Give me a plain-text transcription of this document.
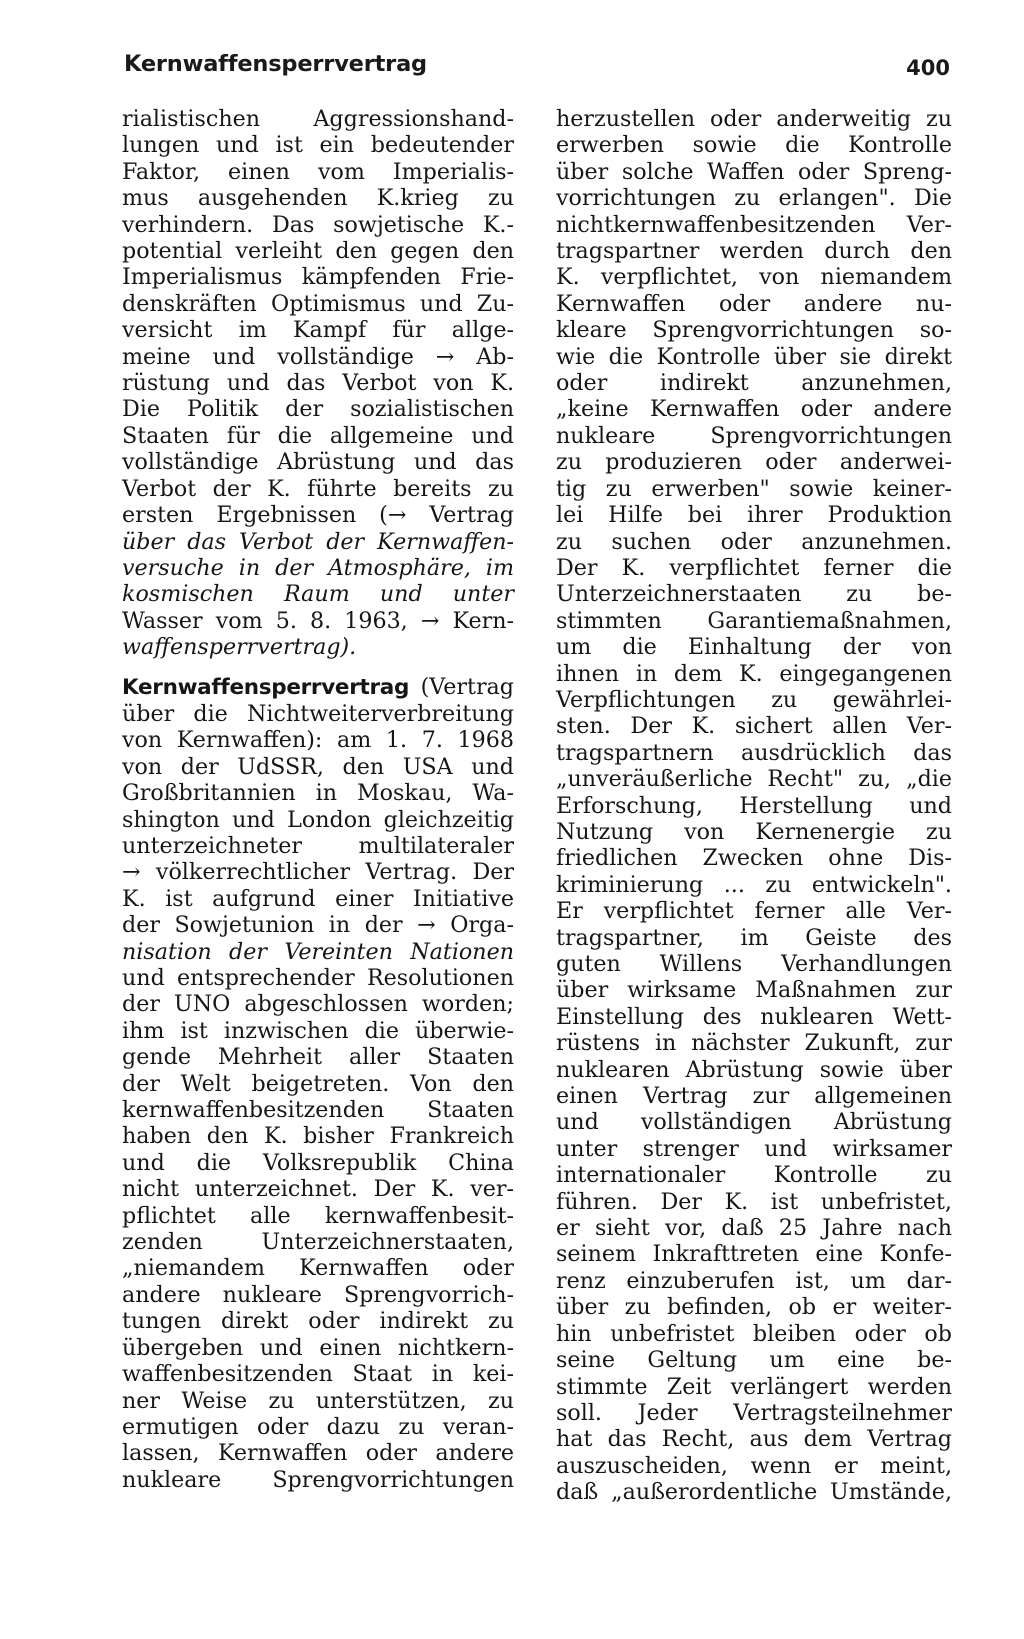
Kernwaffensperrvertrag	400

rialistischen Aggressionshand-

lungen und ist ein bedeutender

Faktor, einen vom Imperialis-

mus ausgehenden K.krieg zu

verhindern. Das sowjetische K.-

potential verleiht den gegen den

Imperialismus kämpfenden Frie-

denskräften Optimismus und Zu-

versicht im Kampf für allge-

meine und vollständige → Ab-

rüstung und das Verbot von K.

Die Politik der sozialistischen

Staaten für die allgemeine und

vollständige Abrüstung und das

Verbot der K. führte bereits zu

ersten Ergebnissen (→ Vertrag

über das Verbot der Kernwaffen-

versuche in der Atmosphäre, im

kosmischen Raum und unter

Wasser vom 5. 8. 1963, → Kern-

waffensperrvertrag).

Kernwaffensperrvertrag (Vertrag

über die Nichtweiterverbreitung

von Kernwaffen): am 1. 7. 1968

von der UdSSR, den USA und

Großbritannien in Moskau, Wa-

shington und London gleichzeitig

unterzeichneter multilateraler

→ völkerrechtlicher Vertrag. Der

K. ist aufgrund einer Initiative

der Sowjetunion in der → Orga-

nisation der Vereinten Nationen

und entsprechender Resolutionen

der UNO abgeschlossen worden;

ihm ist inzwischen die überwie-

gende Mehrheit aller Staaten

der Welt beigetreten. Von den

kernwaffenbesitzenden Staaten

haben den K. bisher Frankreich

und die Volksrepublik China

nicht unterzeichnet. Der K. ver-

pflichtet alle kernwaffenbesit-

zenden Unterzeichnerstaaten,

„niemandem Kernwaffen oder

andere nukleare Sprengvorrich-

tungen direkt oder indirekt zu

übergeben und einen nichtkern-

waffenbesitzenden Staat in kei-

ner Weise zu unterstützen, zu

ermutigen oder dazu zu veran-

lassen, Kernwaffen oder andere

nukleare Sprengvorrichtungen

herzustellen oder anderweitig zu

erwerben sowie die Kontrolle

über solche Waffen oder Spreng-

vorrichtungen zu erlangen". Die

nichtkernwaffenbesitzenden Ver-

tragspartner werden durch den

K. verpflichtet, von niemandem

Kernwaffen oder andere nu-

kleare Sprengvorrichtungen so-

wie die Kontrolle über sie direkt

oder indirekt anzunehmen,

„keine Kernwaffen oder andere

nukleare Sprengvorrichtungen

zu produzieren oder anderwei-

tig zu erwerben" sowie keiner-

lei Hilfe bei ihrer Produktion

zu suchen oder anzunehmen.

Der K. verpflichtet ferner die

Unterzeichnerstaaten zu be-

stimmten Garantiemaßnahmen,

um die Einhaltung der von

ihnen in dem K. eingegangenen

Verpflichtungen zu gewährlei-

sten. Der K. sichert allen Ver-

tragspartnern ausdrücklich das

„unveräußerliche Recht" zu, „die

Erforschung, Herstellung und

Nutzung von Kernenergie zu

friedlichen Zwecken ohne Dis-

kriminierung ... zu entwickeln".

Er verpflichtet ferner alle Ver-

tragspartner, im Geiste des

guten Willens Verhandlungen

über wirksame Maßnahmen zur

Einstellung des nuklearen Wett-

rüstens in nächster Zukunft, zur

nuklearen Abrüstung sowie über

einen Vertrag zur allgemeinen

und vollständigen Abrüstung

unter strenger und wirksamer

internationaler Kontrolle zu

führen. Der K. ist unbefristet,

er sieht vor, daß 25 Jahre nach

seinem Inkrafttreten eine Konfe-

renz einzuberufen ist, um dar-

über zu befinden, ob er weiter-

hin unbefristet bleiben oder ob

seine Geltung um eine be-

stimmte Zeit verlängert werden

soll. Jeder Vertragsteilnehmer

hat das Recht, aus dem Vertrag

auszuscheiden, wenn er meint,

daß „außerordentliche Umstände,
